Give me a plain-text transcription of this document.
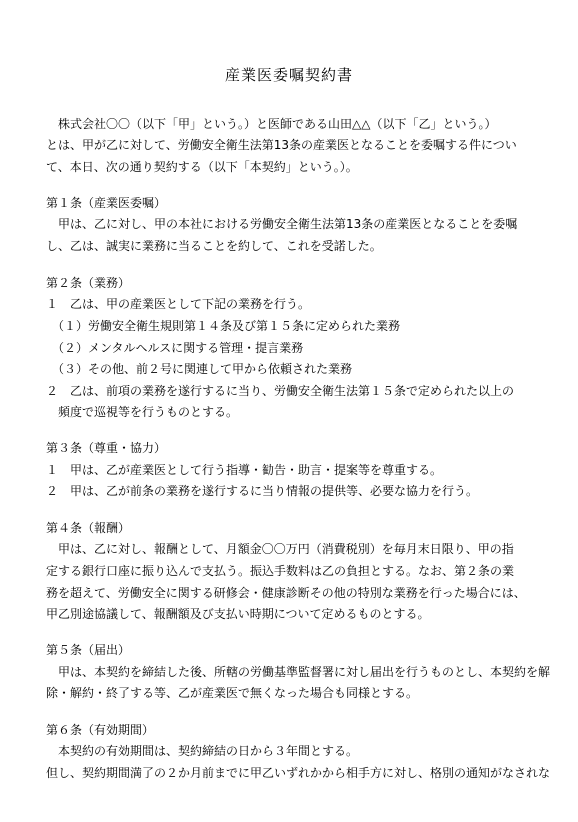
産業医委嘱契約書
　株式会社〇〇（以下「甲」という。）と医師である山田△△（以下「乙」という。）
とは、甲が乙に対して、労働安全衛生法第13条の産業医となることを委嘱する件につい
て、本日、次の通り契約する（以下「本契約」という。）。
第１条（産業医委嘱）
　甲は、乙に対し、甲の本社における労働安全衛生法第13条の産業医となることを委嘱
し、乙は、誠実に業務に当ることを約して、これを受諾した。
第２条（業務）
１　乙は、甲の産業医として下記の業務を行う。
　（１）労働安全衛生規則第１４条及び第１５条に定められた業務
　（２）メンタルヘルスに関する管理・提言業務
　（３）その他、前２号に関連して甲から依頼された業務
２　乙は、前項の業務を遂行するに当り、労働安全衛生法第１５条で定められた以上の
　頻度で巡視等を行うものとする。
第３条（尊重・協力）
１　甲は、乙が産業医として行う指導・勧告・助言・提案等を尊重する。
２　甲は、乙が前条の業務を遂行するに当り情報の提供等、必要な協力を行う。
第４条（報酬）
　甲は、乙に対し、報酬として、月額金〇〇万円（消費税別）を毎月末日限り、甲の指
定する銀行口座に振り込んで支払う。振込手数料は乙の負担とする。なお、第２条の業
務を超えて、労働安全に関する研修会・健康診断その他の特別な業務を行った場合には、
甲乙別途協議して、報酬額及び支払い時期について定めるものとする。
第５条（届出）
　甲は、本契約を締結した後、所轄の労働基準監督署に対し届出を行うものとし、本契約を解
除・解約・終了する等、乙が産業医で無くなった場合も同様とする。
第６条（有効期間）
　本契約の有効期間は、契約締結の日から３年間とする。
但し、契約期間満了の２か月前までに甲乙いずれかから相手方に対し、格別の通知がなされな
